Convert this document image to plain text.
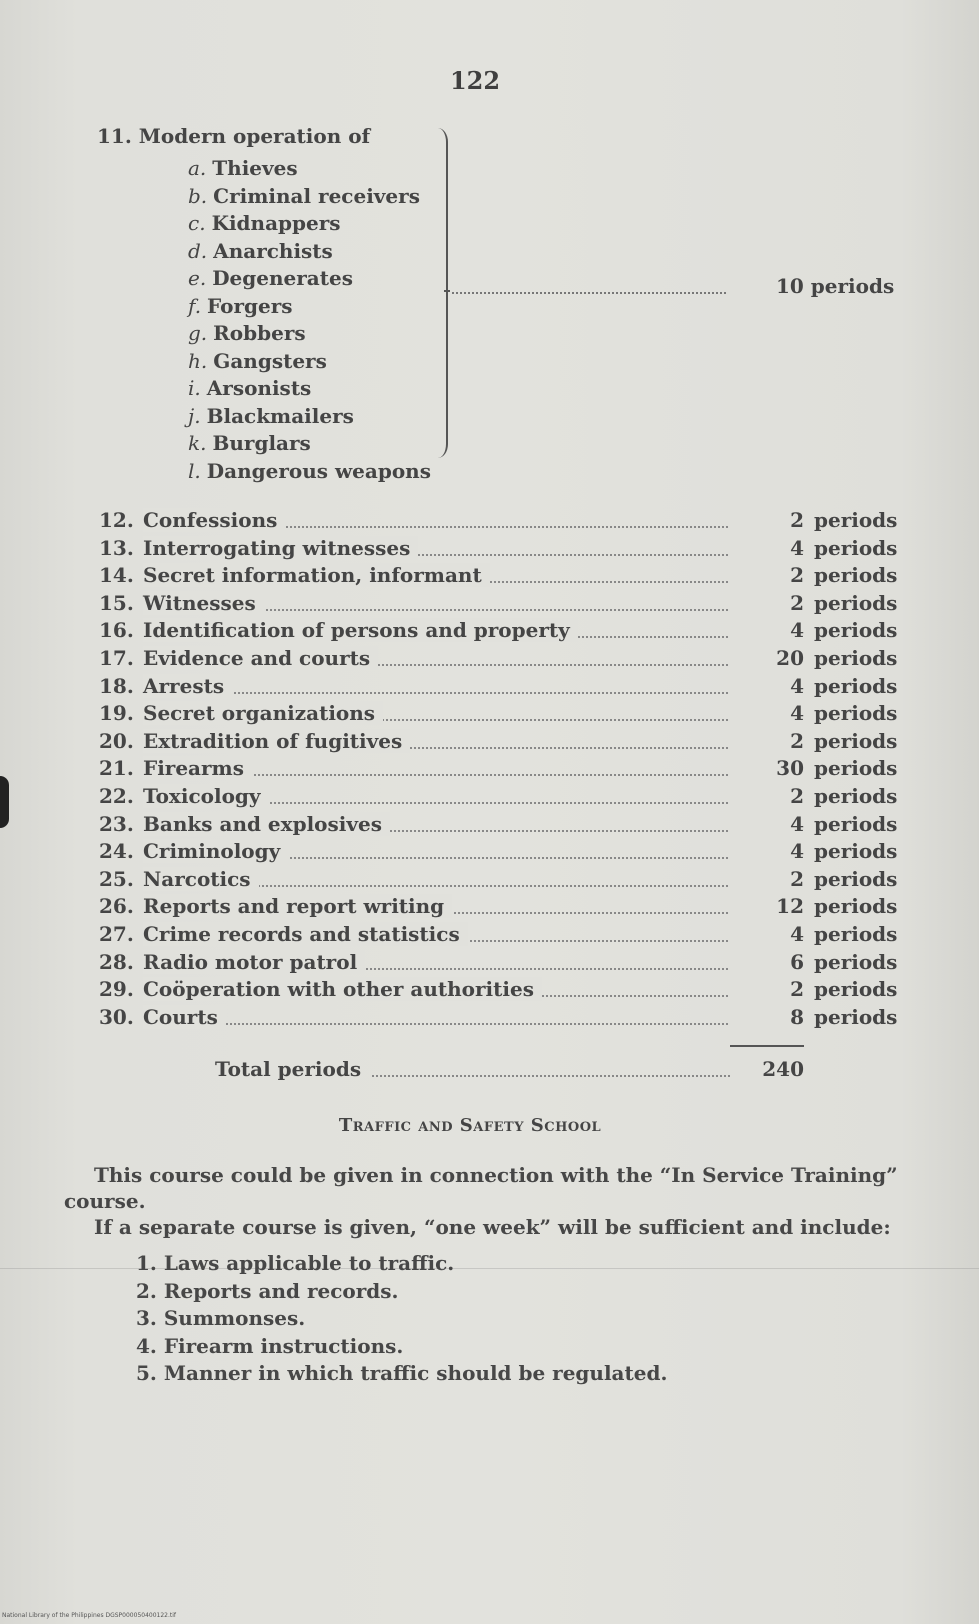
122
11. Modern operation of
a. Thieves
b. Criminal receivers
c. Kidnappers
d. Anarchists
e. Degenerates
f. Forgers
g. Robbers
h. Gangsters
i. Arsonists
j. Blackmailers
k. Burglars
l. Dangerous weapons
10 periods
12. Confessions	2 periods
13. Interrogating witnesses	4 periods
14. Secret information, informant	2 periods
15. Witnesses	2 periods
16. Identification of persons and property	4 periods
17. Evidence and courts	20 periods
18. Arrests	4 periods
19. Secret organizations	4 periods
20. Extradition of fugitives	2 periods
21. Firearms	30 periods
22. Toxicology	2 periods
23. Banks and explosives	4 periods
24. Criminology	4 periods
25. Narcotics	2 periods
26. Reports and report writing	12 periods
27. Crime records and statistics	4 periods
28. Radio motor patrol	6 periods
29. Coöperation with other authorities	2 periods
30. Courts	8 periods
Total periods	240
Traffic and Safety School
This course could be given in connection with the “In Service Training”
course.
If a separate course is given, “one week” will be sufficient and include:
1. Laws applicable to traffic.
2. Reports and records.
3. Summonses.
4. Firearm instructions.
5. Manner in which traffic should be regulated.
National Library of the Philippines DGSP000050400122.tif
